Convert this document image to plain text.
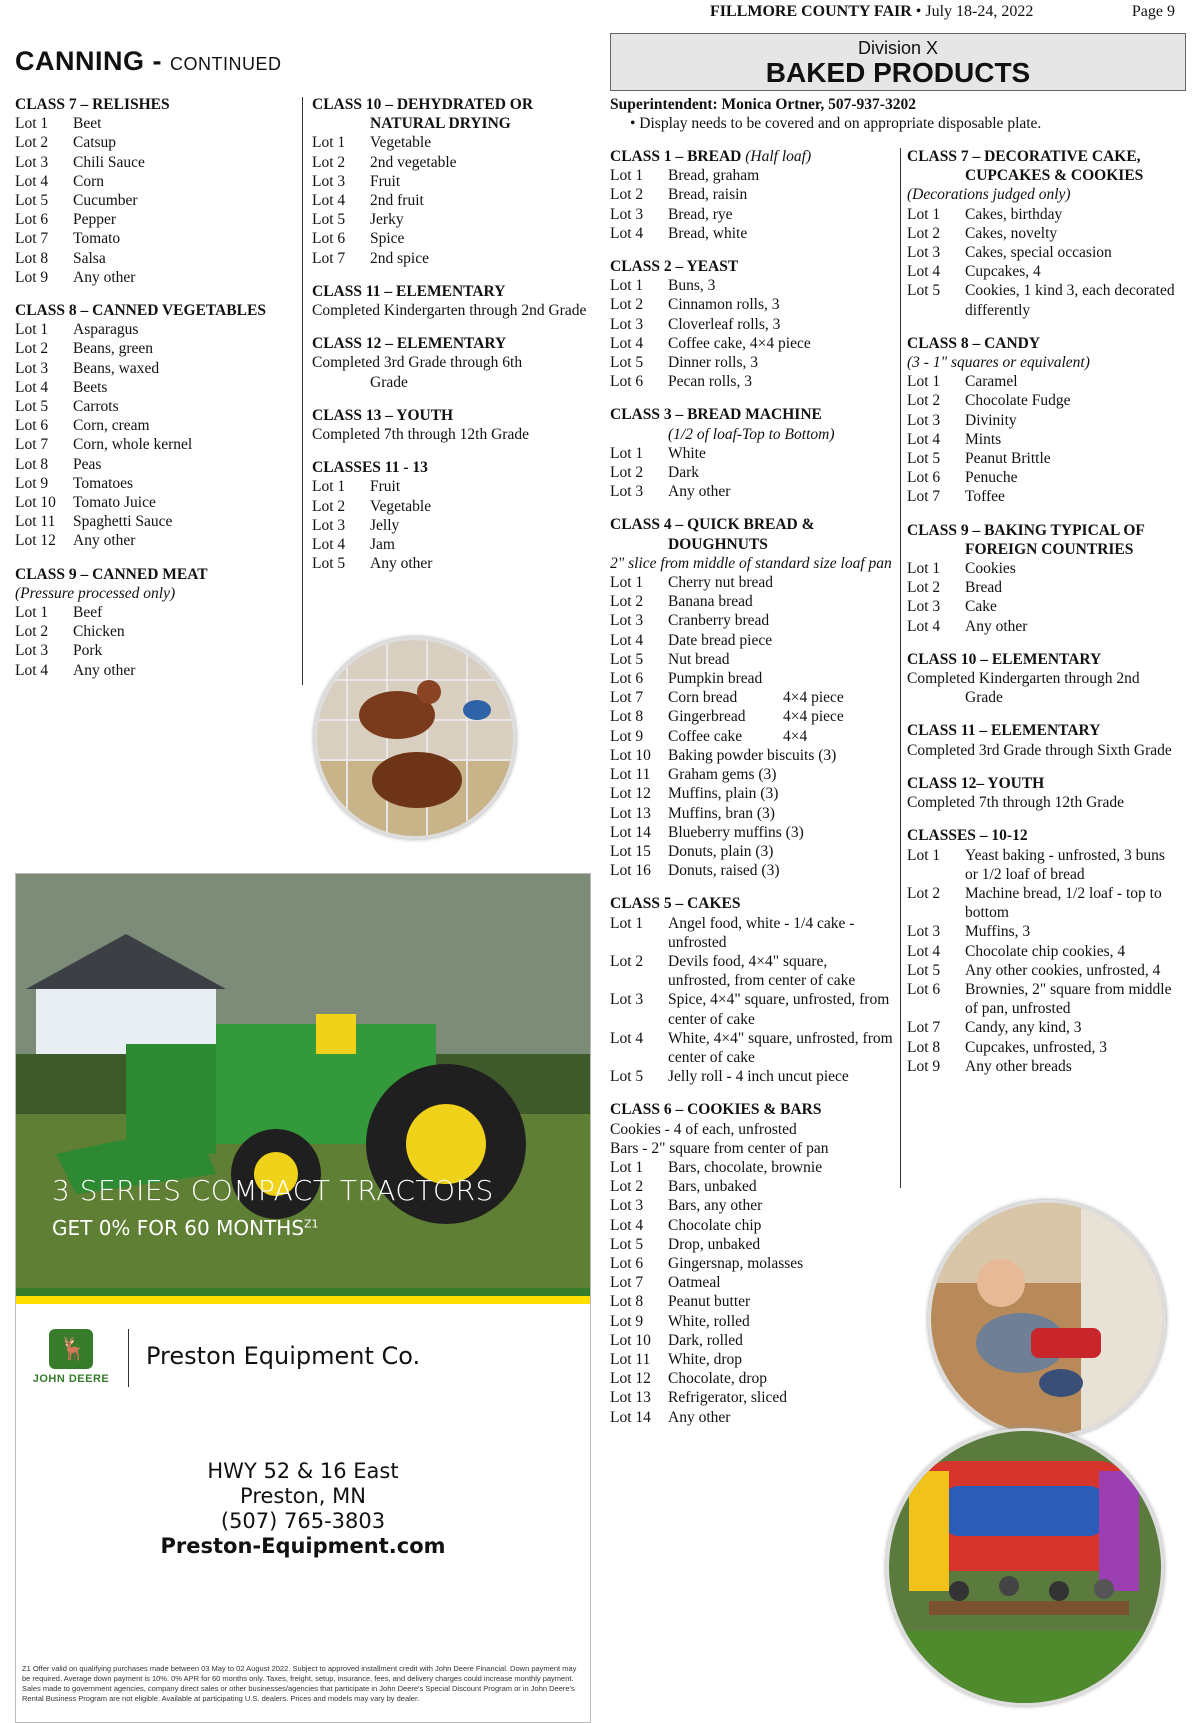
FILLMORE COUNTY FAIR • July 18-24, 2022	Page 9
CANNING - CONTINUED
CLASS 7 – RELISHES
Lot 1	Beet
Lot 2	Catsup
Lot 3	Chili Sauce
Lot 4	Corn
Lot 5	Cucumber
Lot 6	Pepper
Lot 7	Tomato
Lot 8	Salsa
Lot 9	Any other
CLASS 8 – CANNED VEGETABLES
Lot 1	Asparagus
Lot 2	Beans, green
Lot 3	Beans, waxed
Lot 4	Beets
Lot 5	Carrots
Lot 6	Corn, cream
Lot 7	Corn, whole kernel
Lot 8	Peas
Lot 9	Tomatoes
Lot 10	Tomato Juice
Lot 11	Spaghetti Sauce
Lot 12	Any other
CLASS 9 – CANNED MEAT
(Pressure processed only)
Lot 1	Beef
Lot 2	Chicken
Lot 3	Pork
Lot 4	Any other
CLASS 10 – DEHYDRATED OR
NATURAL DRYING
Lot 1	Vegetable
Lot 2	2nd vegetable
Lot 3	Fruit
Lot 4	2nd fruit
Lot 5	Jerky
Lot 6	Spice
Lot 7	2nd spice
CLASS 11 – ELEMENTARY
Completed Kindergarten through 2nd Grade
CLASS 12 – ELEMENTARY
Completed 3rd Grade through 6th
Grade
CLASS 13 – YOUTH
Completed 7th through 12th Grade
CLASSES 11 - 13
Lot 1	Fruit
Lot 2	Vegetable
Lot 3	Jelly
Lot 4	Jam
Lot 5	Any other
Division X
BAKED PRODUCTS
Superintendent: Monica Ortner, 507-937-3202
• Display needs to be covered and on appropriate disposable plate.
CLASS 1 – BREAD (Half loaf)
Lot 1	Bread, graham
Lot 2	Bread, raisin
Lot 3	Bread, rye
Lot 4	Bread, white
CLASS 2 – YEAST
Lot 1	Buns, 3
Lot 2	Cinnamon rolls, 3
Lot 3	Cloverleaf rolls, 3
Lot 4	Coffee cake, 4×4 piece
Lot 5	Dinner rolls, 3
Lot 6	Pecan rolls, 3
CLASS 3 – BREAD MACHINE
(1/2 of loaf-Top to Bottom)
Lot 1	White
Lot 2	Dark
Lot 3	Any other
CLASS 4 – QUICK BREAD &
DOUGHNUTS
2" slice from middle of standard size loaf pan
Lot 1	Cherry nut bread
Lot 2	Banana bread
Lot 3	Cranberry bread
Lot 4	Date bread piece
Lot 5	Nut bread
Lot 6	Pumpkin bread
Lot 7	Corn bread	4×4 piece
Lot 8	Gingerbread	4×4 piece
Lot 9	Coffee cake	4×4
Lot 10	Baking powder biscuits (3)
Lot 11	Graham gems (3)
Lot 12	Muffins, plain (3)
Lot 13	Muffins, bran (3)
Lot 14	Blueberry muffins (3)
Lot 15	Donuts, plain (3)
Lot 16	Donuts, raised (3)
CLASS 5 – CAKES
Lot 1	Angel food, white - 1/4 cake - unfrosted
Lot 2	Devils food, 4×4" square, unfrosted, from center of cake
Lot 3	Spice, 4×4" square, unfrosted, from center of cake
Lot 4	White, 4×4" square, unfrosted, from center of cake
Lot 5	Jelly roll - 4 inch uncut piece
CLASS 6 – COOKIES & BARS
Cookies - 4 of each, unfrosted
Bars - 2" square from center of pan
Lot 1	Bars, chocolate, brownie
Lot 2	Bars, unbaked
Lot 3	Bars, any other
Lot 4	Chocolate chip
Lot 5	Drop, unbaked
Lot 6	Gingersnap, molasses
Lot 7	Oatmeal
Lot 8	Peanut butter
Lot 9	White, rolled
Lot 10	Dark, rolled
Lot 11	White, drop
Lot 12	Chocolate, drop
Lot 13	Refrigerator, sliced
Lot 14	Any other
CLASS 7 – DECORATIVE CAKE,
CUPCAKES & COOKIES
(Decorations judged only)
Lot 1	Cakes, birthday
Lot 2	Cakes, novelty
Lot 3	Cakes, special occasion
Lot 4	Cupcakes, 4
Lot 5	Cookies, 1 kind 3, each decorated differently
CLASS 8 – CANDY
(3 - 1" squares or equivalent)
Lot 1	Caramel
Lot 2	Chocolate Fudge
Lot 3	Divinity
Lot 4	Mints
Lot 5	Peanut Brittle
Lot 6	Penuche
Lot 7	Toffee
CLASS 9 – BAKING TYPICAL OF
FOREIGN COUNTRIES
Lot 1	Cookies
Lot 2	Bread
Lot 3	Cake
Lot 4	Any other
CLASS 10 – ELEMENTARY
Completed Kindergarten through 2nd
Grade
CLASS 11 – ELEMENTARY
Completed 3rd Grade through Sixth Grade
CLASS 12– YOUTH
Completed 7th through 12th Grade
CLASSES – 10-12
Lot 1	Yeast baking - unfrosted, 3 buns
or 1/2 loaf of bread
Lot 2	Machine bread, 1/2 loaf - top to bottom
Lot 3	Muffins, 3
Lot 4	Chocolate chip cookies, 4
Lot 5	Any other cookies, unfrosted, 4
Lot 6	Brownies, 2" square from middle
of pan, unfrosted
Lot 7	Candy, any kind, 3
Lot 8	Cupcakes, unfrosted, 3
Lot 9	Any other breads
3 SERIES COMPACT TRACTORS
GET 0% FOR 60 $MONTHS^{Z1}$
🦌
JOHN DEERE
Preston Equipment Co.
HWY 52 & 16 East
Preston, MN
(507) 765-3803
Preston-Equipment.com
Z1 Offer valid on qualifying purchases made between 03 May to 02 August 2022. Subject to approved installment credit with John Deere Financial. Down payment may be required. Average down payment is 10%. 0% APR for 60 months only. Taxes, freight, setup, insurance, fees, and delivery charges could increase monthly payment. Sales made to government agencies, company direct sales or other businesses/agencies that participate in John Deere's Special Discount Program or in John Deere's Rental Business Program are not eligible. Available at participating U.S. dealers. Prices and models may vary by dealer.
